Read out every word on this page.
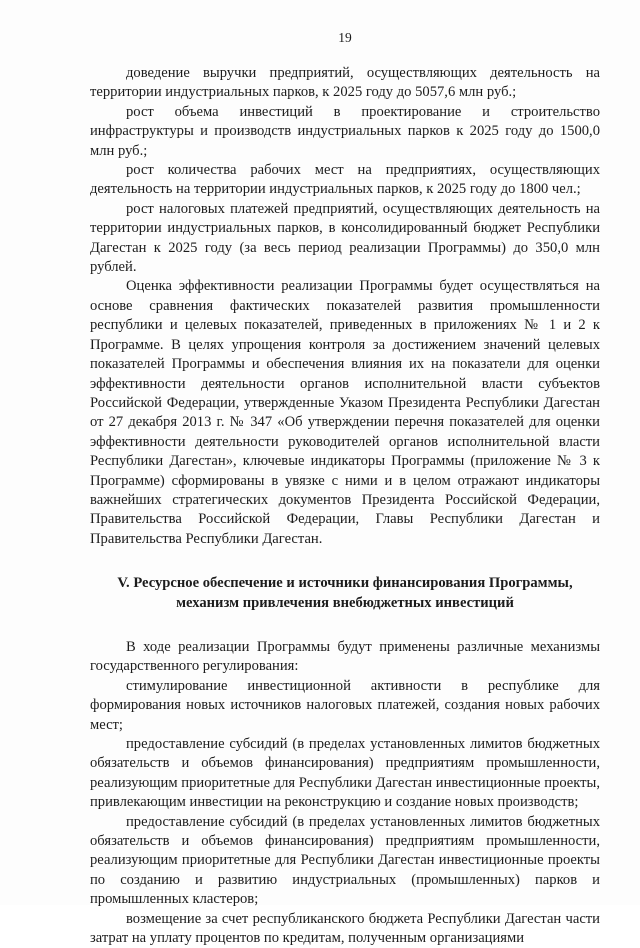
19

доведение выручки предприятий, осуществляющих деятельность на территории индустриальных парков, к 2025 году до 5057,6 млн руб.;

рост объема инвестиций в проектирование и строительство инфраструктуры и производств индустриальных парков к 2025 году до 1500,0 млн руб.;

рост количества рабочих мест на предприятиях, осуществляющих деятельность на территории индустриальных парков, к 2025 году до 1800 чел.;

рост налоговых платежей предприятий, осуществляющих деятельность на территории индустриальных парков, в консолидированный бюджет Республики Дагестан к 2025 году (за весь период реализации Программы) до 350,0 млн рублей.

Оценка эффективности реализации Программы будет осуществляться на основе сравнения фактических показателей развития промышленности республики и целевых показателей, приведенных в приложениях № 1 и 2 к Программе. В целях упрощения контроля за достижением значений целевых показателей Программы и обеспечения влияния их на показатели для оценки эффективности деятельности органов исполнительной власти субъектов Российской Федерации, утвержденные Указом Президента Республики Дагестан от 27 декабря 2013 г. № 347 «Об утверждении перечня показателей для оценки эффективности деятельности руководителей органов исполнительной власти Республики Дагестан», ключевые индикаторы Программы (приложение № 3 к Программе) сформированы в увязке с ними и в целом отражают индикаторы важнейших стратегических документов Президента Российской Федерации, Правительства Российской Федерации, Главы Республики Дагестан и Правительства Республики Дагестан.

V. Ресурсное обеспечение и источники финансирования Программы,
механизм привлечения внебюджетных инвестиций

В ходе реализации Программы будут применены различные механизмы государственного регулирования:

стимулирование инвестиционной активности в республике для формирования новых источников налоговых платежей, создания новых рабочих мест;

предоставление субсидий (в пределах установленных лимитов бюджетных обязательств и объемов финансирования) предприятиям промышленности, реализующим приоритетные для Республики Дагестан инвестиционные проекты, привлекающим инвестиции на реконструкцию и создание новых производств;

предоставление субсидий (в пределах установленных лимитов бюджетных обязательств и объемов финансирования) предприятиям промышленности, реализующим приоритетные для Республики Дагестан инвестиционные проекты по созданию и развитию индустриальных (промышленных) парков и промышленных кластеров;

возмещение за счет республиканского бюджета Республики Дагестан части затрат на уплату процентов по кредитам, полученным организациями
